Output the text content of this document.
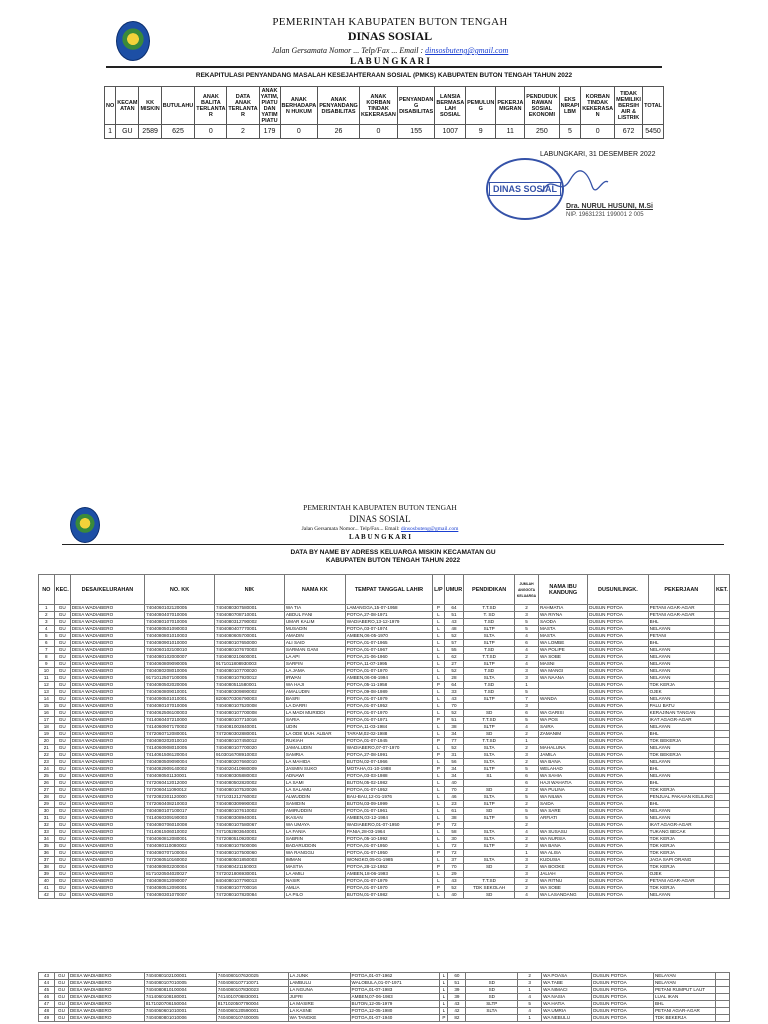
PEMERINTAH KABUPATEN BUTON TENGAH
DINAS SOSIAL
Jalan Gersamata Nomor ... Telp/Fax ... Email : dinsosbuteng@gmail.com
L A B U N G K A R I
REKAPITULASI PENYANDANG MASALAH KESEJAHTERAAN SOSIAL (PMKS) KABUPATEN BUTON TENGAH TAHUN 2022
NO	KECAM ATAN	KK MISKIN	BUTULAHU	ANAK BALITA TERLANTA R	DATA ANAK TERLANTA R	ANAK YATIM, PIATU DAN YATIM PIATU	ANAK BERHADAPA N HUKUM	ANAK PENYANDANG DISABILITAS	ANAK KORBAN TINDAK KEKERASAN	PENYANDAN G DISABILITAS	LANSIA BERMASA LAH SOSIAL	PEMULUN G	PEKERJA MIGRAN	PENDUDUK RAWAN SOSIAL EKONOMI	EKS NIRAPI LBM	KORBAN TINDAK KEKERASA N	TIDAK MEMILIKI BERSIH AIR & LISTRIK	TOTAL
1	GU	2589	625	0	2	179	0	26	0	155	1007	9	11	250	5	0	672	5450
LABUNGKARI, 31 DESEMBER 2022
DINAS SOSIAL
Dra. NURUL HUSUNI, M.Si
NIP. 19631231 199001 2 005
PEMERINTAH KABUPATEN BUTON TENGAH
DINAS SOSIAL
Jalan Gersamata Nomor... Telp/Fax... Email: dinsosbuteng@gmail.com
L A B U N G K A R I
DATA BY NAME BY ADRESS KELUARGA MISKIN KECAMATAN GU
KABUPATEN BUTON TENGAH TAHUN 2022
NO	KEC.	DESA/KELURAHAN	NO. KK	NIK	NAMA KK	TEMPAT TANGGAL LAHIR	L/P	UMUR	PENDIDIKAN	JUMLAH ANGGOTA KELUARGA	NAMA IBU KANDUNG	DUSUN/LINGK.	PEKERJAAN	KET.
1	GU	DESA WADIABERO	7404060102120005	7404080307580001	WA TIA	LAMANGGA,15-07-1958	P	64	T.T.SD	2	RAHMATIA	DUSUN POTOA	PETANI AGAR-AGAR	
2	GU	DESA WADIABERO	7404080407010006	7404080708710001	ABDUL FANI	POTOA,27-08-1971	L	51	T. SD	3	WA RIYNA	DUSUN POTOA	PETANI AGAR-AGAR	
3	GU	DESA WADIABERO	7404080107010006	7404080312790002	UMAR KALIM	WADIABERO,13-12-1979	L	43	T.SD	5	SAODA	DUSUN POTOA	BHL	
4	GU	DESA WADIABERO	7404080501090003	7404080407770001	MUSADIN	POTOA,03-07-1974	L	48	SLTP	5	MASTA	DUSUN POTOA	NELAYAN	
5	GU	DESA WADIABERO	7404080801010003	7404080605700001	AMADIN	AMBEN,06-05-1970	L	52	SLTA	4	MASTA	DUSUN POTOA	PETANI	
6	GU	DESA WADIABERO	7404080901010000	7404080107650000	ALI SAID	POTOA,01-07-1965	L	57	SLTP	6	WA LOMBE	DUSUN POTOA	BHL	
7	GU	DESA WADIABERO	7404060102100010	7404080107670003	SARMAN GANI	POTOA,01-07-1967	L	55	T.SD	4	WA POLIPE	DUSUN POTOA	NELAYAN	
8	GU	DESA WADIABERO	7404080102000007	7404080210600001	LA API	POTOA,21-06-1960	L	62	T.T.SD	2	WA SOBE	DUSUN POTOA	NELAYAN	
9	GU	DESA WADIABERO	7404060809090005	9171011808930003	SARFIN	POTOA,11-07-1995	L	27	SLTP	4	MASNI	DUSUN POTOA	NELAYAN	
10	GU	DESA WADIABERO	7404080208010006	7404080107700020	LA JAMA	POTOA,01-07-1970	L	52	T.SD	3	WA MANGI	DUSUN POTOA	NELAYAN	
11	GU	DESA WADIABERO	9171012507100005	7404080107920012	IRWAN	AMBEN,06-08-1994	L	28	SLTA	3	WA NAANA	DUSUN POTOA	NELAYAN	
12	GU	DESA WADIABERO	7404080502020006	7404080511580001	WA HAJI	POTOA,05-11-1958	P	64	T.SD	1		DUSUN POTOA	TDK KERJA	
13	GU	DESA WADIABERO	7404060809010001	7404080309890002	AMALUDIN	POTOA,09-08-1989	L	33	T.SD	5		DUSUN POTOA	OJEK	
14	GU	DESA WADIABERO	7404090501010001	8206070306790003	BASRI	POTOA,01-07-1979	L	43	SLTP	7	WANDA	DUSUN POTOA	NELAYAN	
15	GU	DESA WADIABERO	7404080107010006	7404080107520008	LA DARRI	POTOA,01-07-1952	L	70		3		DUSUN POTOA	PALU BATU	
16	GU	DESA WADIABERO	7404062506100003	7404080107700008	LA MADI MURIDDI	POTOA,01-07-1970	L	52	SD	6	WA GARISI	DUSUN POTOA	KERAJINAN TANGAN	
17	GU	DESA WADIABERO	7414060407210000	7404080107710016	SARIA	POTOA,01-07-1971	P	51	T.T.SD	5	WA POS	DUSUN POTOA	IKAT AGAGR-AGAR	
18	GU	DESA WADIABERO	7414060907170002	7404081002840001	UDIN	POTOA,11-03-1984	L	38	SLTP	4	SAIRA	DUSUN POTOA	NELAYAN	
19	GU	DESA WADIABERO	7472060712080001	7472060302880001	LA ODE MUH. ALBAR	TARAM,02-02-1988	L	34	SD	2	ZAMANIM	DUSUN POTOA	BHL	
20	GU	DESA WADIABERO	7404080202010010	7404080107450012	RUKIAH	POTOA,01-07-1945	P	77	T.T.SD	1		DUSUN POTOA	TDK BEKERJA	
21	GU	DESA WADIABERO	7414060908010005	7404080107700020	JAMALUDIN	WADIABERO,07-07-1970	L	52	SLTA	2	MAHALUNA	DUSUN POTOA	NELAYAN	
22	GU	DESA WADIABERO	7414061506120004	9103016708910003	SAMRIA	POTOA,27-08-1991	P	31	SLTA	3	JAMILA	DUSUN POTOA	TDK BEKERJA	
23	GU	DESA WADIABERO	7404080509090004	7404080207660010	LA MAHIDA	BUTON,02-07-1966	L	56	SLTA	2	WA BANA	DUSUN POTOA	NELAYAN	
24	GU	DESA WADIABERO	7404082909140002	7404020410980009	JASMIN SUKO	MOTAHA,01-10-1988	P	34	SLTP	5	WELAHAD	DUSUN POTOA	BHL	
25	GU	DESA WADIABERO	7404080501130001	7404080305880003	ADNAWI	POTOA,03-03-1988	L	34	S1	6	WA SAHIA	DUSUN POTOA	NELAYAN	
26	GU	DESA WADIABERO	7472060412012000	7404080502820002	LA SAMI	BUTON,05-02-1982	L	40		6	HAJI WAHATIA	DUSUN POTOA	BHL	
27	GU	DESA WADIABERO	7472060411090012	7404080107520026	LA SALAMU	POTOA,01-07-1952	L	70	SD	2	WA PULINA	DUSUN POTOA	TDK KERJA	
28	GU	DESA WADIABERO	7472082301120000	7471031212760002	ALWUDDIN	BAU-BAU,12-01-1976	L	46	SLTA	5	WA NILWA	DUSUN POTOA	PENJUAL PAKAIAN KELILING	
29	GU	DESA WADIABERO	7472060408210003	7404080309990003	SAMIDIN	BUTON,03-09-1999	L	23	SLTP	2	SAIDA	DUSUN POTOA	BHL	
30	GU	DESA WADIABERO	7404080107100017	7404080107610002	AMIRUDDIN	POTOA,01-07-1961	L	61	SD	5	WA SARE	DUSUN POTOA	NELAYAN	
31	GU	DESA WADIABERO	7414060309190003	7404080308940001	IKASAN	AMBEN,03-12-1984	L	38	SLTP	5	ARFIATI	DUSUN POTOA	NELAYAN	
32	GU	DESA WADIABERO	7404080706010008	7404080107580067	WA UMAYA	WADIABERO,01-07-1950	P	72		2		DUSUN POTOA	IKAT AGAGR-AGAR	
33	GU	DESA WADIABERO	7414061506010002	7471052803640001	LA FANIA	PANIA,28-03-1964	L	58	SLTA	4	WA SUSASU	DUSUN POTOA	TUKANG BECAK	
34	GU	DESA WADIABERO	7404060812080001	7472080510920002	SABRIN	POTOA,05-10-1992	L	30	SLTA	2	WA NURSIA	DUSUN POTOA	TDK KERJA	
35	GU	DESA WADIABERO	7404080110080002	7404080107500006	BADARUDDIN	POTOA,01-07-1950	L	72	SLTP	2	WA BANA	DUSUN POTOA	TDK KERJA	
36	GU	DESA WADIABERO	7404080707100004	7404080107500060	WA RANGGU	POTOA,01-07-1950	P	72		1	WA ALISA	DUSUN POTOA	TDK KERJA	
37	GU	DESA WADIABERO	7472060510160002	7404080501850003	IMMAN	WONGKO,05-01-1985	L	37	SLTA	3	KUDUSIA	DUSUN POTOA	JAGA SAPI ORANG	
38	GU	DESA WADIABERO	7404080802200004	7404080421150003	MASTIA	POTOA,28-12-1952	P	70	SD	2	WA BOOKE	DUSUN POTOA	TDK KERJA	
39	GU	DESA WADIABERO	8171020504020027	7472021806930001	LA AMILI	AMBEN,18-06-1993	L	29		3	JALIAH	DUSUN POTOA	OJEK	
40	GU	DESA WADIABERO	7404080812090007	8404080107790013	NASIR	POTOA,01-07-1979	L	43	T.T.SD	2	WA RITNU	DUSUN POTOA	PETANI AGAR-AGAR	
41	GU	DESA WADIABERO	7404080512090001	7404080107700016	AMLIA	POTOA,01-07-1970	P	52	TDK SEKOLAH	2	WA SOBE	DUSUN POTOA	TDK KERJA	
42	GU	DESA WADIABERO	7404080301070007	7472080107820084	LA PILO	BUTON,01-07-1982	L	40	SD	4	WA LASANDANG	DUSUN POTOA	NELAYAN	
43	GU	DESA WADIABERO	7404080102100001	7404080107620025	LA JUNK	POTOA,01-07-1962	L	60		2	WA POASA	DUSUN POTOA	NELAYAN	
44	GU	DESA WADIABERO	7404080107010005	7404080107710071	LAMBULU	WALOBULA,01-07-1971	L	51	SD	3	WA TABE	DUSUN POTOA	NELAYAN	
45	GU	DESA WADIABERO	7404080810100004	7404080107830023	LA NGUNA	POTOA,01-07-1983	L	39	SD	1	WA NIMACI	DUSUN POTOA	PETANI RUMPUT LAUT	
46	GU	DESA WADIABERO	7414060108180001	7414010706830001	JUFRI	AMBEN,07-06-1983	L	39	SD	4	WA NASIA	DUSUN POTOA	LUAL IKAN	
47	GU	DESA WADIABERO	8171020706150004	8171020507790004	LA MASIRE	BUTON,12-05-1979	L	43	SLTP	5	WA HATIA	DUSUN POTOA	BHL	
48	GU	DESA WADIABERO	7404060601010001	7404080120590001	LA KASNE	POTOA,12-05-1980	L	42	SLTA	4	WA UMRIA	DUSUN POTOA	PETANI AGAR-AGAR	
49	GU	DESA WADIABERO	7404080801010006	7404080107400005	WA TANGKE	POTOA,01-07-1940	P	82		1	WA NEBULU	DUSUN POTOA	TDK BEKERJA	
